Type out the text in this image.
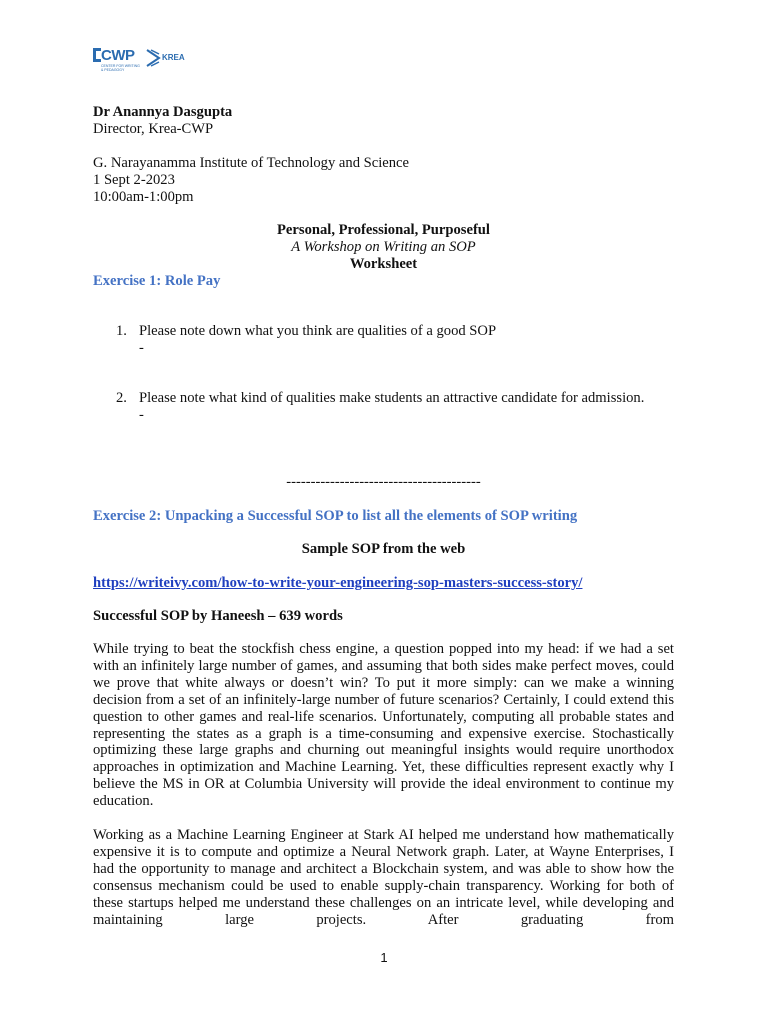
CWP
CENTER FOR WRITING & PEDAGOGY
KREA
Dr Anannya Dasgupta
Director, Krea-CWP
G. Narayanamma Institute of Technology and Science
1 Sept 2-2023
10:00am-1:00pm
Personal, Professional, Purposeful
A Workshop on Writing an SOP
Worksheet
Exercise 1: Role Pay
1. Please note down what you think are qualities of a good SOP
-
2. Please note what kind of qualities make students an attractive candidate for admission.
-
----------------------------------------
Exercise 2: Unpacking a Successful SOP to list all the elements of SOP writing
Sample SOP from the web
https://writeivy.com/how-to-write-your-engineering-sop-masters-success-story/
Successful SOP by Haneesh – 639 words
While trying to beat the stockfish chess engine, a question popped into my head: if we had a set with an infinitely large number of games, and assuming that both sides make perfect moves, could we prove that white always or doesn’t win? To put it more simply: can we make a winning decision from a set of an infinitely-large number of future scenarios? Certainly, I could extend this question to other games and real-life scenarios. Unfortunately, computing all probable states and representing the states as a graph is a time-consuming and expensive exercise. Stochastically optimizing these large graphs and churning out meaningful insights would require unorthodox approaches in optimization and Machine Learning. Yet, these difficulties represent exactly why I believe the MS in OR at Columbia University will provide the ideal environment to continue my education.
Working as a Machine Learning Engineer at Stark AI helped me understand how mathematically expensive it is to compute and optimize a Neural Network graph. Later, at Wayne Enterprises, I had the opportunity to manage and architect a Blockchain system, and was able to show how the consensus mechanism could be used to enable supply-chain transparency. Working for both of these startups helped me understand these challenges on an intricate level, while developing and maintaining large projects. After graduating from
1
